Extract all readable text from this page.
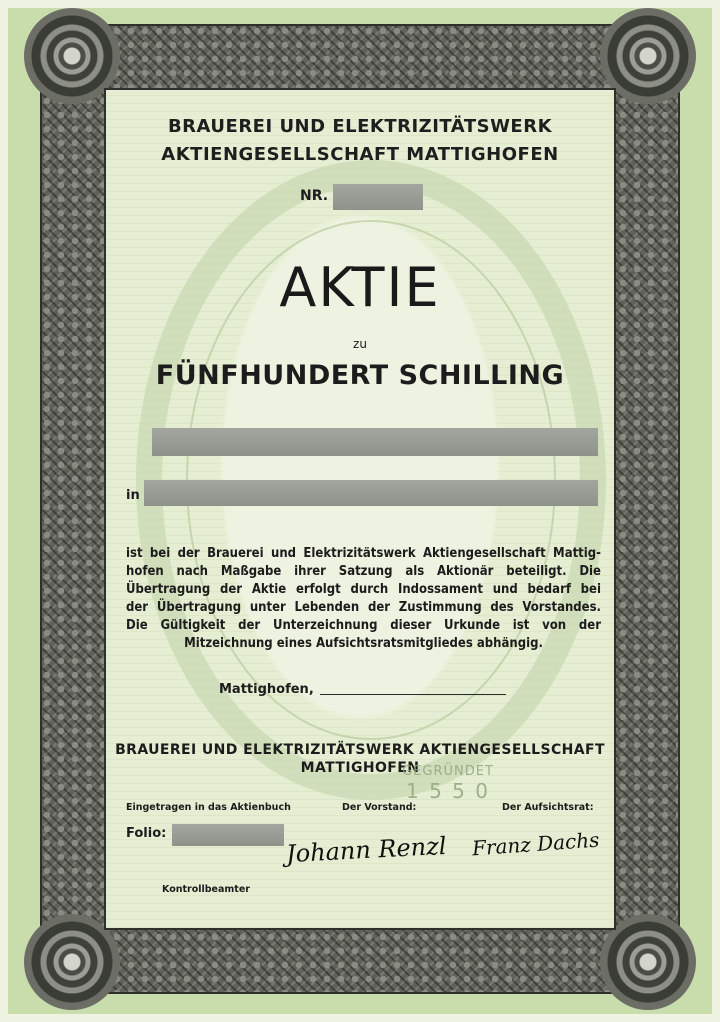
BRAUEREI UND ELEKTRIZITÄTSWERK
AKTIENGESELLSCHAFT MATTIGHOFEN
NR.
AKTIE
zu
FÜNFHUNDERT SCHILLING
in
ist bei der Brauerei und Elektrizitätswerk Aktiengesellschaft Mattig-
hofen nach Maßgabe ihrer Satzung als Aktionär beteiligt. Die
Übertragung der Aktie erfolgt durch Indossament und bedarf bei
der Übertragung unter Lebenden der Zustimmung des Vorstandes.
Die Gültigkeit der Unterzeichnung dieser Urkunde ist von der
Mitzeichnung eines Aufsichtsratsmitgliedes abhängig.
Mattighofen,
BRAUEREI UND ELEKTRIZITÄTSWERK AKTIENGESELLSCHAFT
MATTIGHOFEN
GEGRÜNDET
1 5 5 0
Eingetragen in das Aktienbuch	Der Vorstand:	Der Aufsichtsrat:
Folio:	Johann Renzl Franz Dachs
Kontrollbeamter
